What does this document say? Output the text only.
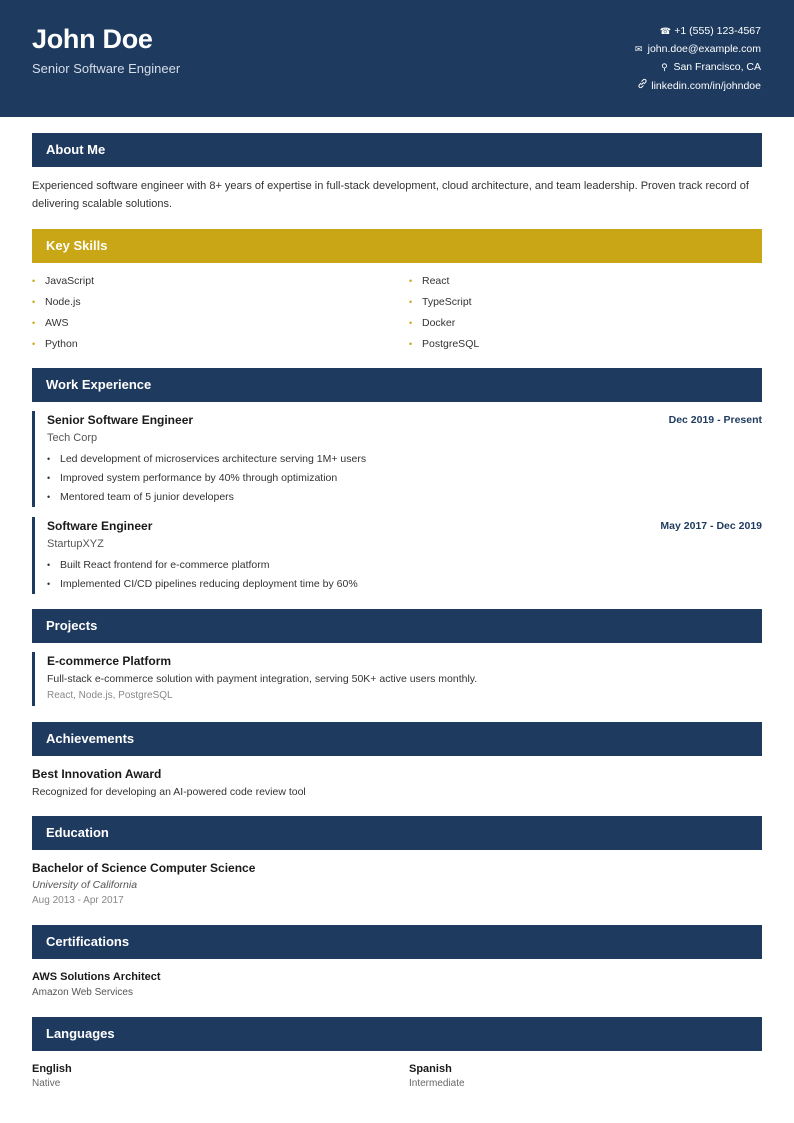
John Doe
Senior Software Engineer
☎ +1 (555) 123-4567
✉ john.doe@example.com
⚲ San Francisco, CA
linkedin.com/in/johndoe
About Me
Experienced software engineer with 8+ years of expertise in full-stack development, cloud architecture, and team leadership. Proven track record of delivering scalable solutions.
Key Skills
• JavaScript	• React
• Node.js	• TypeScript
• AWS	• Docker
• Python	• PostgreSQL
Work Experience
Senior Software Engineer	Dec 2019 - Present
Tech Corp
• Led development of microservices architecture serving 1M+ users
• Improved system performance by 40% through optimization
• Mentored team of 5 junior developers
Software Engineer	May 2017 - Dec 2019
StartupXYZ
• Built React frontend for e-commerce platform
• Implemented CI/CD pipelines reducing deployment time by 60%
Projects
E-commerce Platform
Full-stack e-commerce solution with payment integration, serving 50K+ active users monthly.
React, Node.js, PostgreSQL
Achievements
Best Innovation Award
Recognized for developing an AI-powered code review tool
Education
Bachelor of Science Computer Science
University of California
Aug 2013 - Apr 2017
Certifications
AWS Solutions Architect
Amazon Web Services
Languages
English
Native
Spanish
Intermediate
